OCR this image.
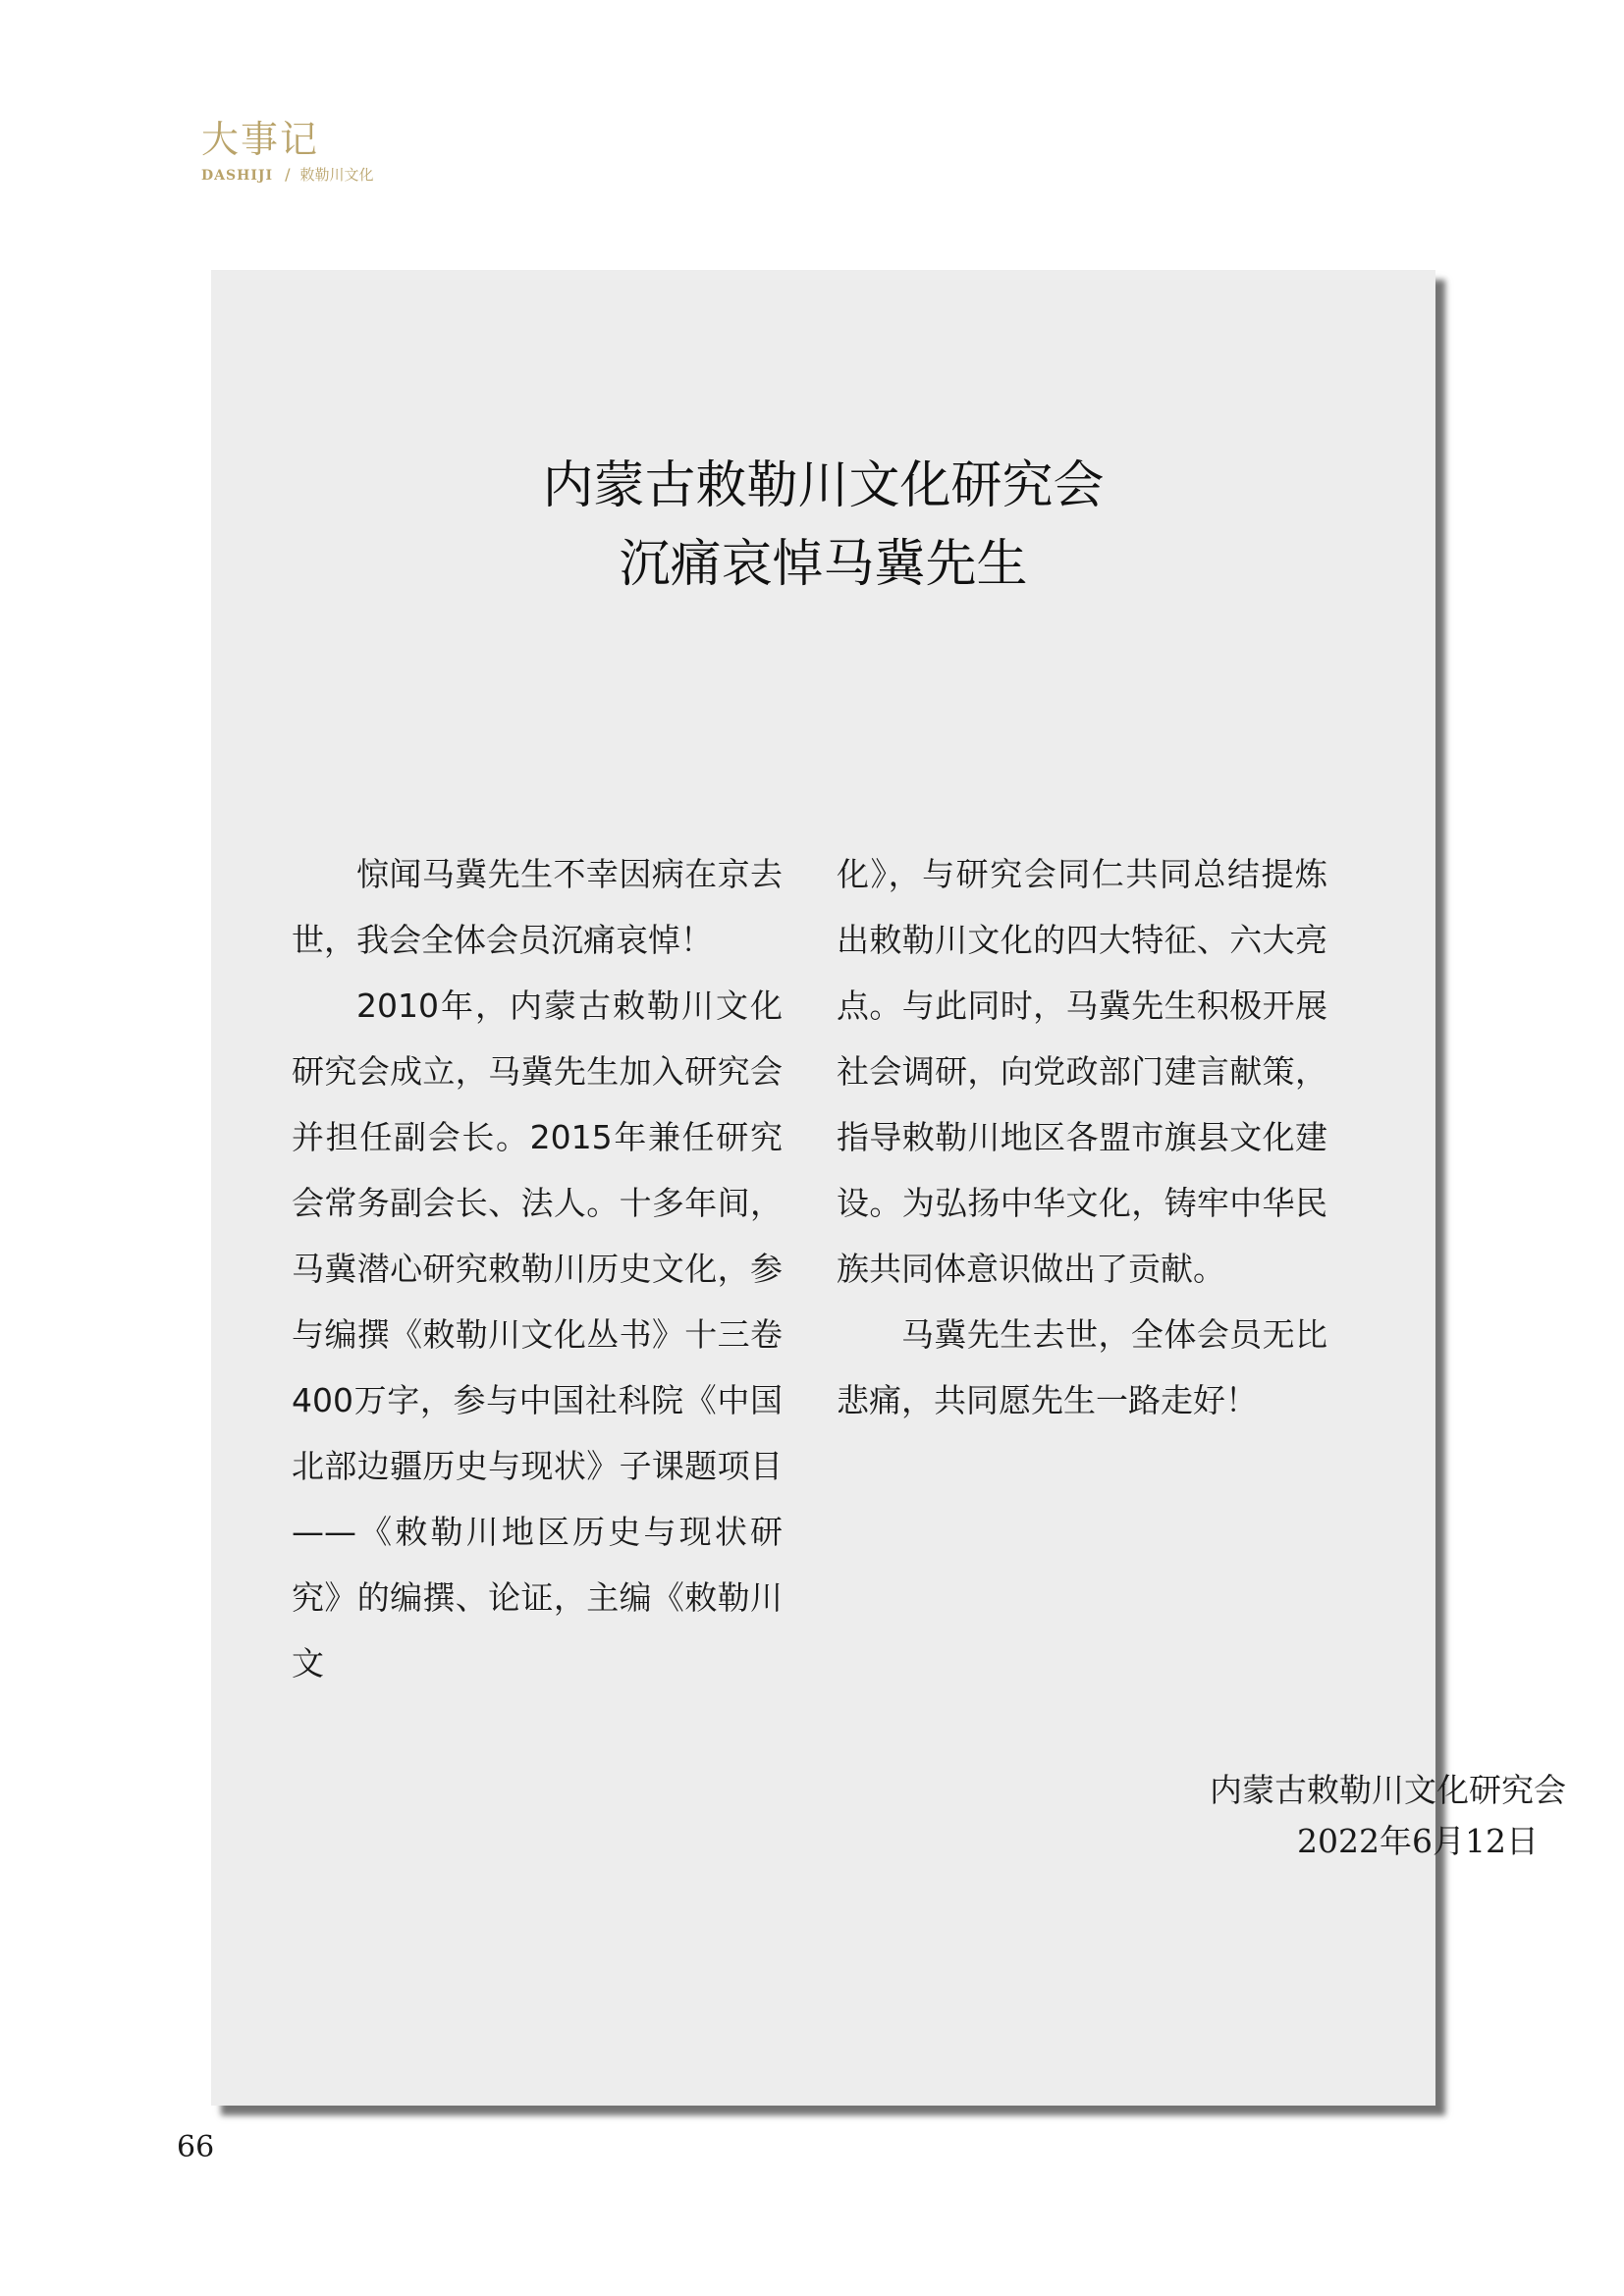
大事记
DASHIJI / 敕勒川文化
内蒙古敕勒川文化研究会
沉痛哀悼马冀先生

惊闻马冀先生不幸因病在京去世，我会全体会员沉痛哀悼！

2010年，内蒙古敕勒川文化研究会成立，马冀先生加入研究会并担任副会长。2015年兼任研究会常务副会长、法人。十多年间，马冀潜心研究敕勒川历史文化，参与编撰《敕勒川文化丛书》十三卷400万字，参与中国社科院《中国北部边疆历史与现状》子课题项目——《敕勒川地区历史与现状研究》的编撰、论证，主编《敕勒川文

化》，与研究会同仁共同总结提炼出敕勒川文化的四大特征、六大亮点。与此同时，马冀先生积极开展社会调研，向党政部门建言献策，指导敕勒川地区各盟市旗县文化建设。为弘扬中华文化，铸牢中华民族共同体意识做出了贡献。

马冀先生去世，全体会员无比悲痛，共同愿先生一路走好！

内蒙古敕勒川文化研究会
2022年6月12日
66
